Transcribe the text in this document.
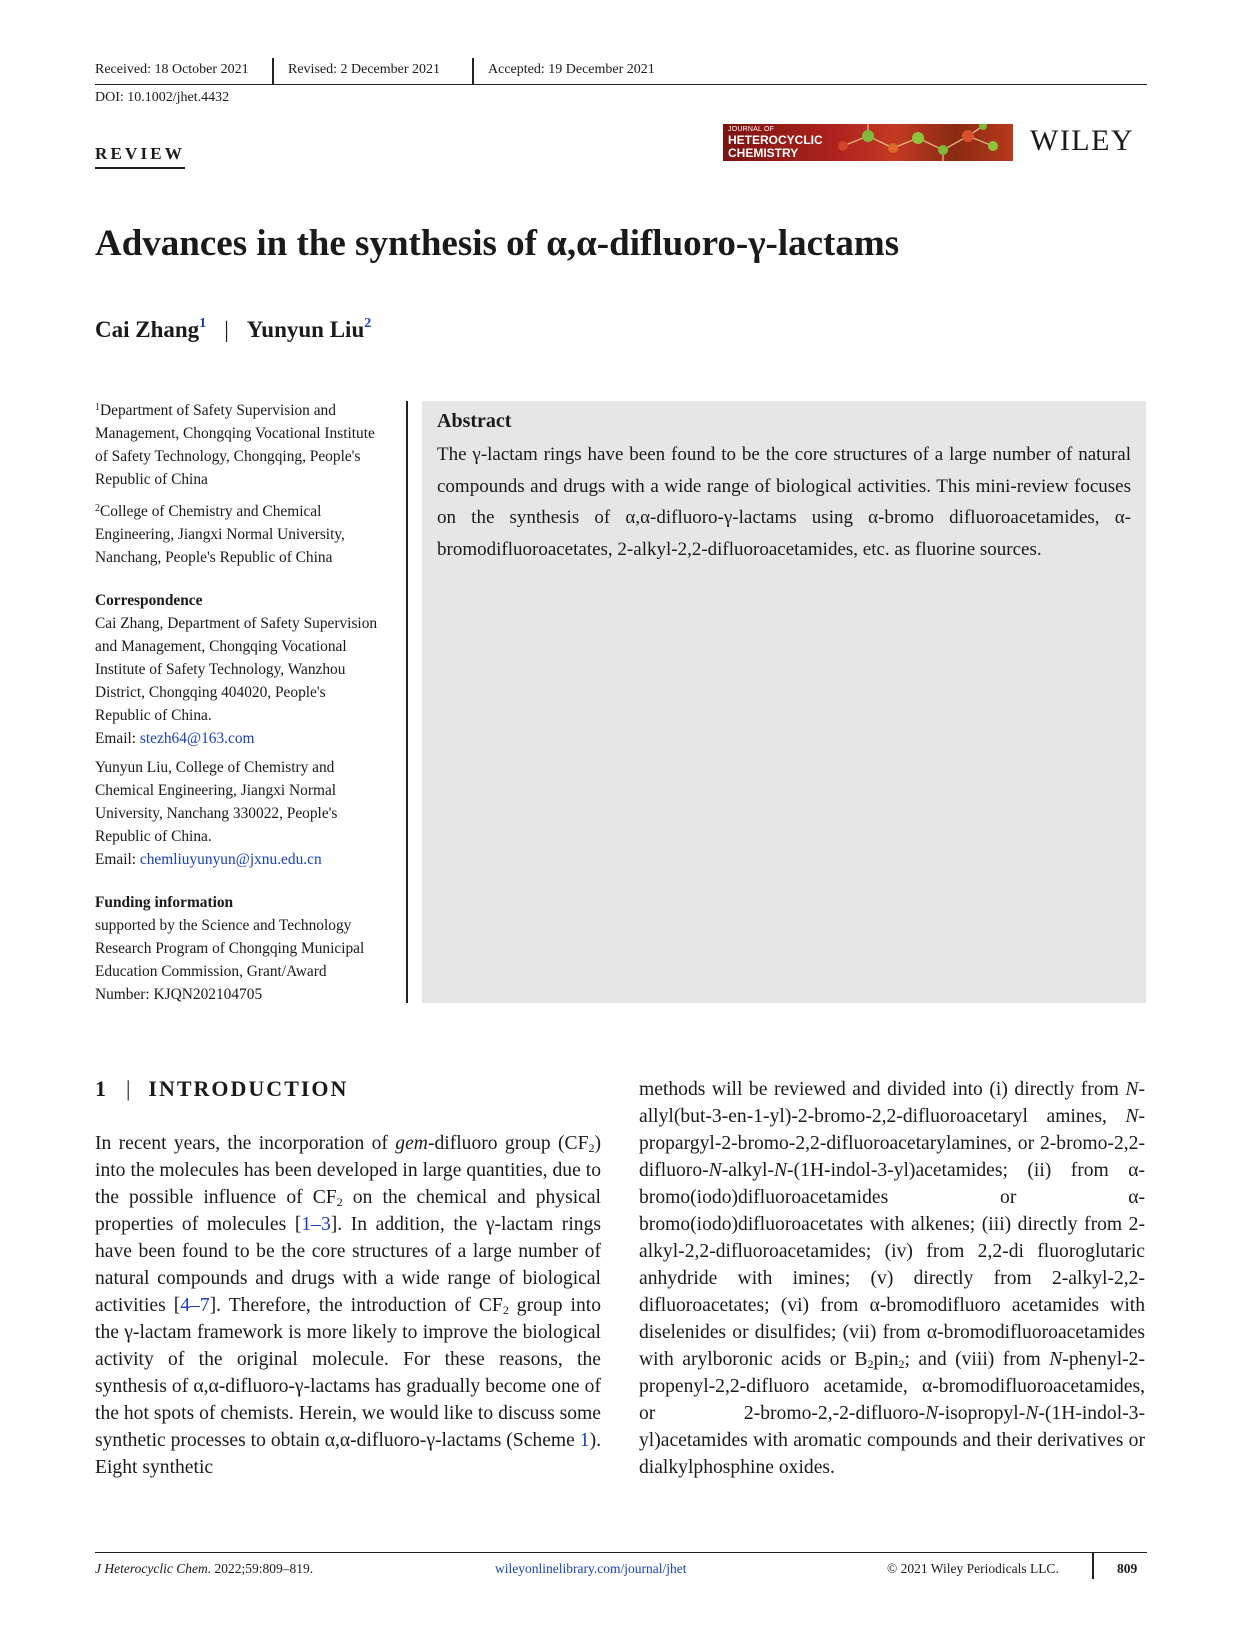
Received: 18 October 2021	Revised: 2 December 2021	Accepted: 19 December 2021
DOI: 10.1002/jhet.4432
REVIEW
JOURNAL OF
HETEROCYCLIC
CHEMISTRY	WILEY
Advances in the synthesis of α,α-difluoro-γ-lactams
Cai Zhang$^1$ | Yunyun Liu$^2$

$^1$Department of Safety Supervision and Management, Chongqing Vocational Institute of Safety Technology, Chongqing, People's Republic of China

$^2$College of Chemistry and Chemical Engineering, Jiangxi Normal University, Nanchang, People's Republic of China

Correspondence

Cai Zhang, Department of Safety Supervision and Management, Chongqing Vocational Institute of Safety Technology, Wanzhou District, Chongqing 404020, People's Republic of China.
Email: stezh64@163.com

Yunyun Liu, College of Chemistry and Chemical Engineering, Jiangxi Normal University, Nanchang 330022, People's Republic of China.
Email: chemliuyunyun@jxnu.edu.cn

Funding information

supported by the Science and Technology Research Program of Chongqing Municipal Education Commission, Grant/Award Number: KJQN202104705

Abstract
The γ-lactam rings have been found to be the core structures of a large number of natural compounds and drugs with a wide range of biological activities. This mini-review focuses on the synthesis of α,α-difluoro-γ-lactams using α-bromo difluoroacetamides, α-bromodifluoroacetates, 2-alkyl-2,2-difluoroacetamides, etc. as fluorine sources.
1 | INTRODUCTION
In recent years, the incorporation of gem-difluoro group $(CF_2)$ into the molecules has been developed in large quantities, due to the possible influence of $CF_2$ on the chemical and physical properties of molecules [1–3]. In addition, the γ-lactam rings have been found to be the core structures of a large number of natural compounds and drugs with a wide range of biological activities [4–7]. Therefore, the introduction of $CF_2$ group into the γ-lactam framework is more likely to improve the biological activity of the original molecule. For these reasons, the synthesis of α,α-difluoro-γ-lactams has gradually become one of the hot spots of chemists. Herein, we would like to discuss some synthetic processes to obtain α,α-difluoro-γ-lactams (Scheme 1). Eight synthetic
methods will be reviewed and divided into (i) directly from N-allyl(but-3-en-1-yl)-2-bromo-2,2-difluoroacetaryl amines, N-propargyl-2-bromo-2,2-difluoroacetarylamines, or 2-bromo-2,2-difluoro-N-alkyl-N-(1H-indol-3-yl)acetamides; (ii) from α-bromo(iodo)difluoroacetamides or α-bromo(iodo)difluoroacetates with alkenes; (iii) directly from 2-alkyl-2,2-difluoroacetamides; (iv) from 2,2-di fluoroglutaric anhydride with imines; (v) directly from 2-alkyl-2,2-difluoroacetates; (vi) from α-bromodifluoro acetamides with diselenides or disulfides; (vii) from α-bromodifluoroacetamides with arylboronic acids or $B_2pin_2$; and (viii) from N-phenyl-2-propenyl-2,2-difluoro acetamide, α-bromodifluoroacetamides, or 2-bromo-2,-2-difluoro-N-isopropyl-N-(1H-indol-3-yl)acetamides with aromatic compounds and their derivatives or dialkylphosphine oxides.
J Heterocyclic Chem. 2022;59:809–819.	wileyonlinelibrary.com/journal/jhet	© 2021 Wiley Periodicals LLC.	809
